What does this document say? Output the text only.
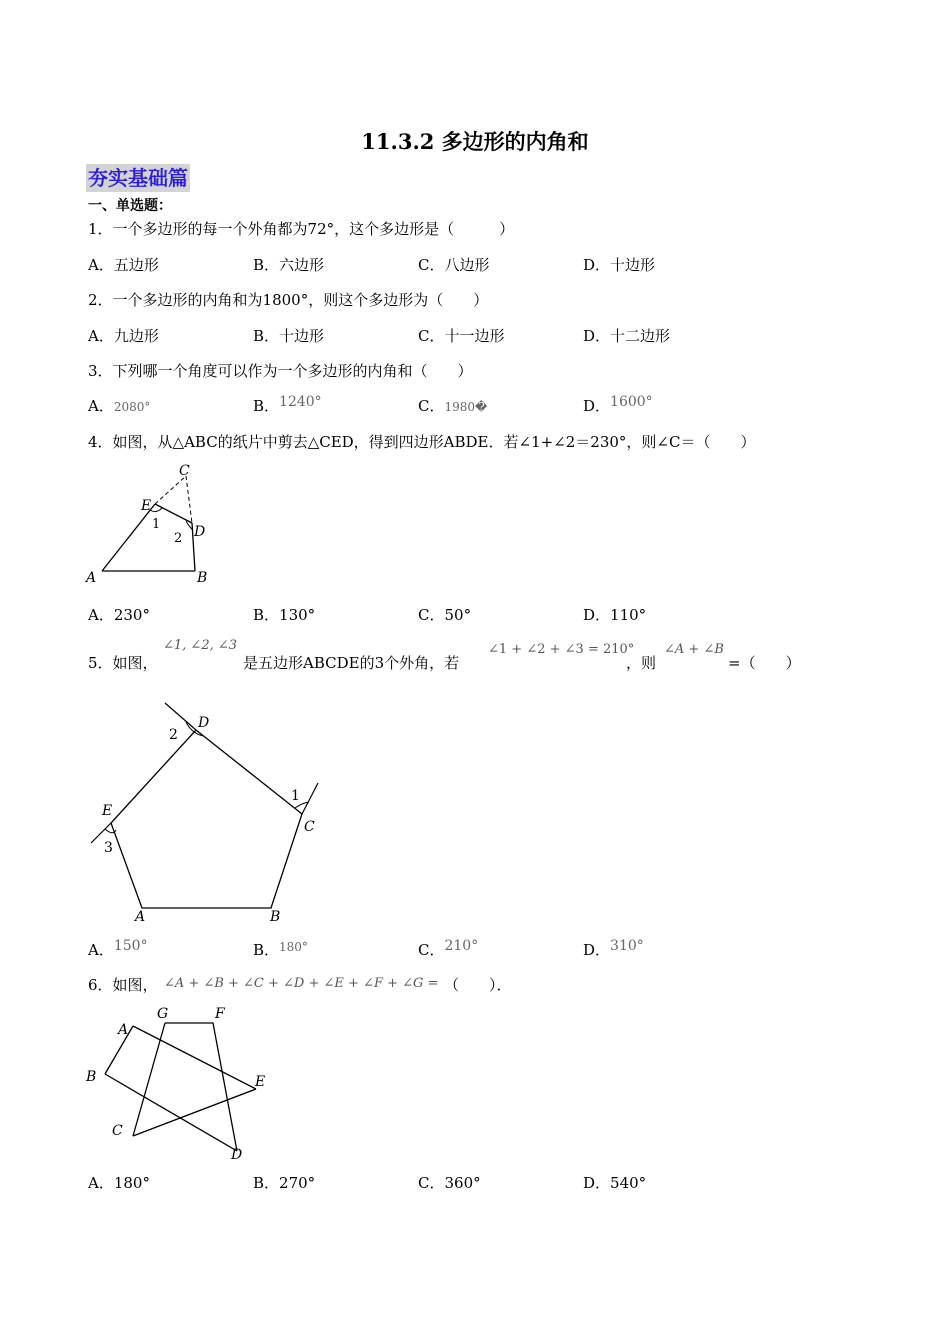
11.3.2 多边形的内角和
夯实基础篇
一、单选题：
1．一个多边形的每一个外角都为72°，这个多边形是（　　　）
A．五边形	B．六边形	C．八边形	D．十边形
2．一个多边形的内角和为1800°，则这个多边形为（　　）
A．九边形	B．十边形	C．十一边形	D．十二边形
3．下列哪一个角度可以作为一个多边形的内角和（　　）
A．2080°	B．1240°	C．1980�	D．1600°
4．如图，从△ABC的纸片中剪去△CED，得到四边形ABDE．若∠1+∠2＝230°，则∠C＝（　　）
C
E
1
2 D
A	B
A．230°	B．130°	C．50°	D．110°
5．如图，
∠1, ∠2, ∠3
是五边形ABCDE的3个外角，若
∠1 + ∠2 + ∠3 = 210°
，则
∠A + ∠B
=（　　）
D
2
1
E
C
3
A	B
A．150°	B．$^{180^\circ}$	C．210°	D．310°
6．如图， ∠A + ∠B + ∠C + ∠D + ∠E + ∠F + ∠G = （　　）．
G	F
A
B	E
C
D
A．180°	B．270°	C．360°	D．540°
